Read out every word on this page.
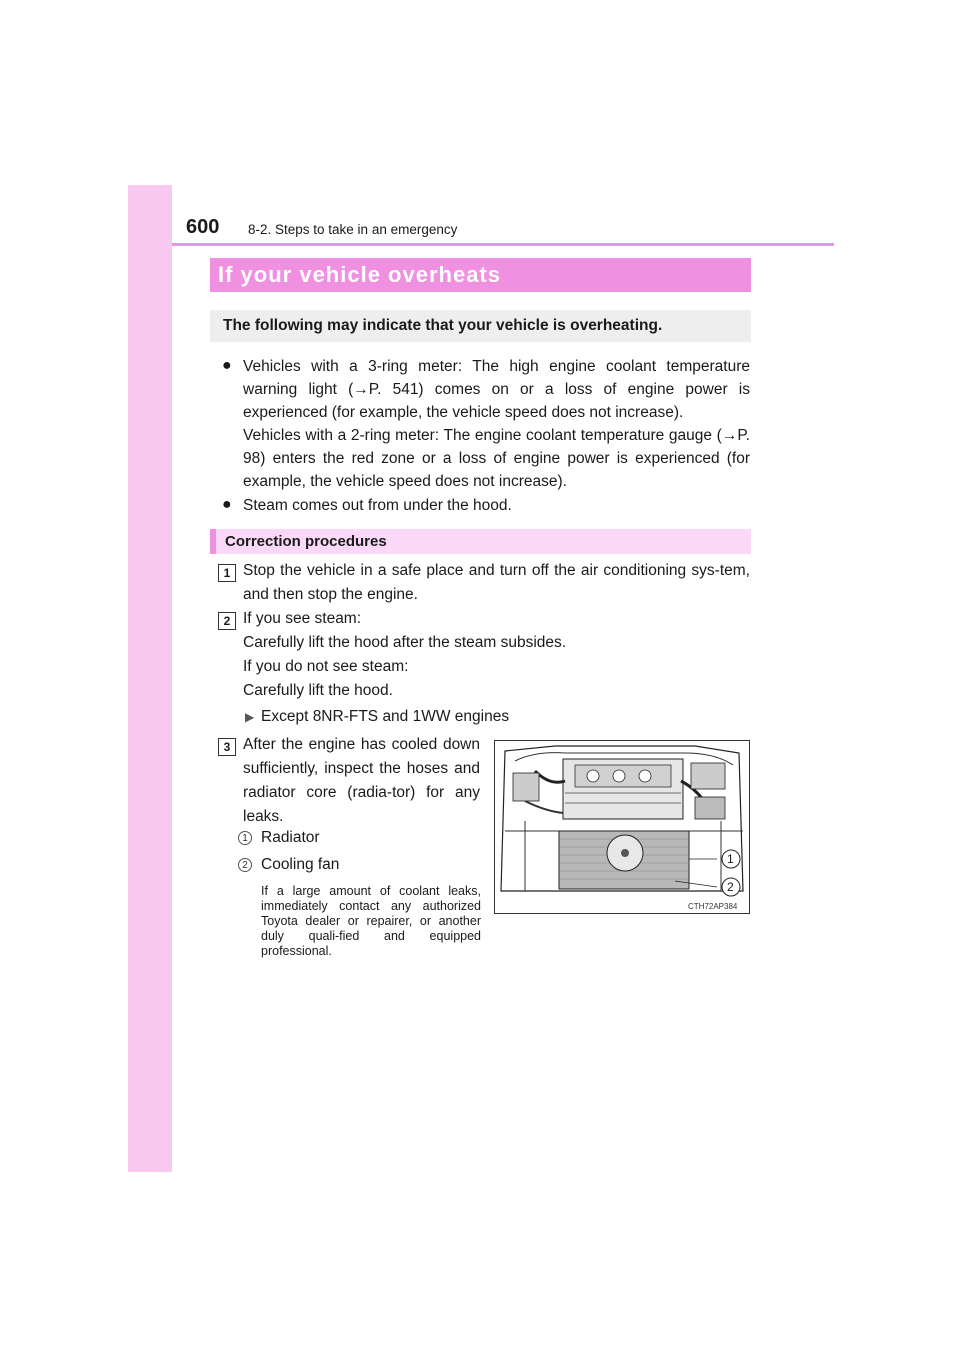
600 8-2. Steps to take in an emergency
If your vehicle overheats
The following may indicate that your vehicle is overheating.
● Vehicles with a 3-ring meter: The high engine coolant temperature warning light (→P. 541) comes on or a loss of engine power is experienced (for example, the vehicle speed does not increase).

Vehicles with a 2-ring meter: The engine coolant temperature gauge (→P. 98) enters the red zone or a loss of engine power is experienced (for example, the vehicle speed does not increase).

● Steam comes out from under the hood.

Correction procedures
1 Stop the vehicle in a safe place and turn off the air conditioning sys-tem, and then stop the engine.
2 If you see steam:
Carefully lift the hood after the steam subsides.
If you do not see steam:
Carefully lift the hood.
▶ Except 8NR-FTS and 1WW engines
3 After the engine has cooled down sufficiently, inspect the hoses and radiator core (radia-tor) for any leaks.
1 Radiator
2 Cooling fan
If a large amount of coolant leaks, immediately contact any authorized Toyota dealer or repairer, or another duly quali-fied and equipped professional.
1
2
CTH72AP384
